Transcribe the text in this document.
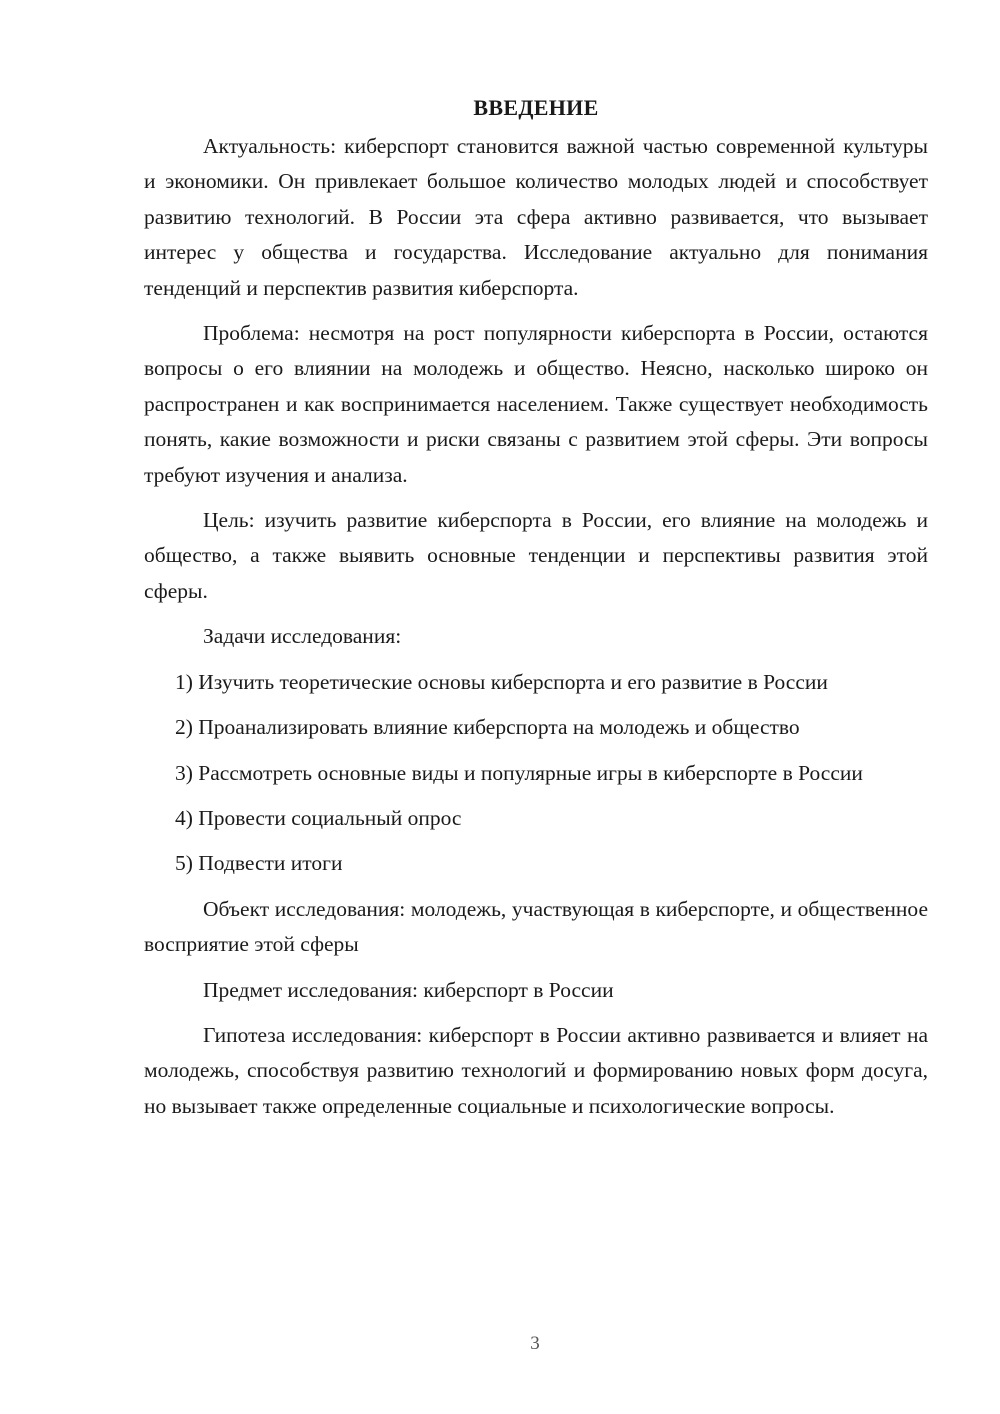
ВВЕДЕНИЕ

Актуальность: киберспорт становится важной частью современной культуры и экономики. Он привлекает большое количество молодых людей и способствует развитию технологий. В России эта сфера активно развивается, что вызывает интерес у общества и государства. Исследование актуально для понимания тенденций и перспектив развития киберспорта.

Проблема: несмотря на рост популярности киберспорта в России, остаются вопросы о его влиянии на молодежь и общество. Неясно, насколько широко он распространен и как воспринимается населением. Также существует необходимость понять, какие возможности и риски связаны с развитием этой сферы. Эти вопросы требуют изучения и анализа.

Цель: изучить развитие киберспорта в России, его влияние на молодежь и общество, а также выявить основные тенденции и перспективы развития этой сферы.

Задачи исследования:

1) Изучить теоретические основы киберспорта и его развитие в России

2) Проанализировать влияние киберспорта на молодежь и общество

3) Рассмотреть основные виды и популярные игры в киберспорте в России

4) Провести социальный опрос

5) Подвести итоги

Объект исследования: молодежь, участвующая в киберспорте, и общественное восприятие этой сферы

Предмет исследования: киберспорт в России

Гипотеза исследования: киберспорт в России активно развивается и влияет на молодежь, способствуя развитию технологий и формированию новых форм досуга, но вызывает также определенные социальные и психологические вопросы.

3
